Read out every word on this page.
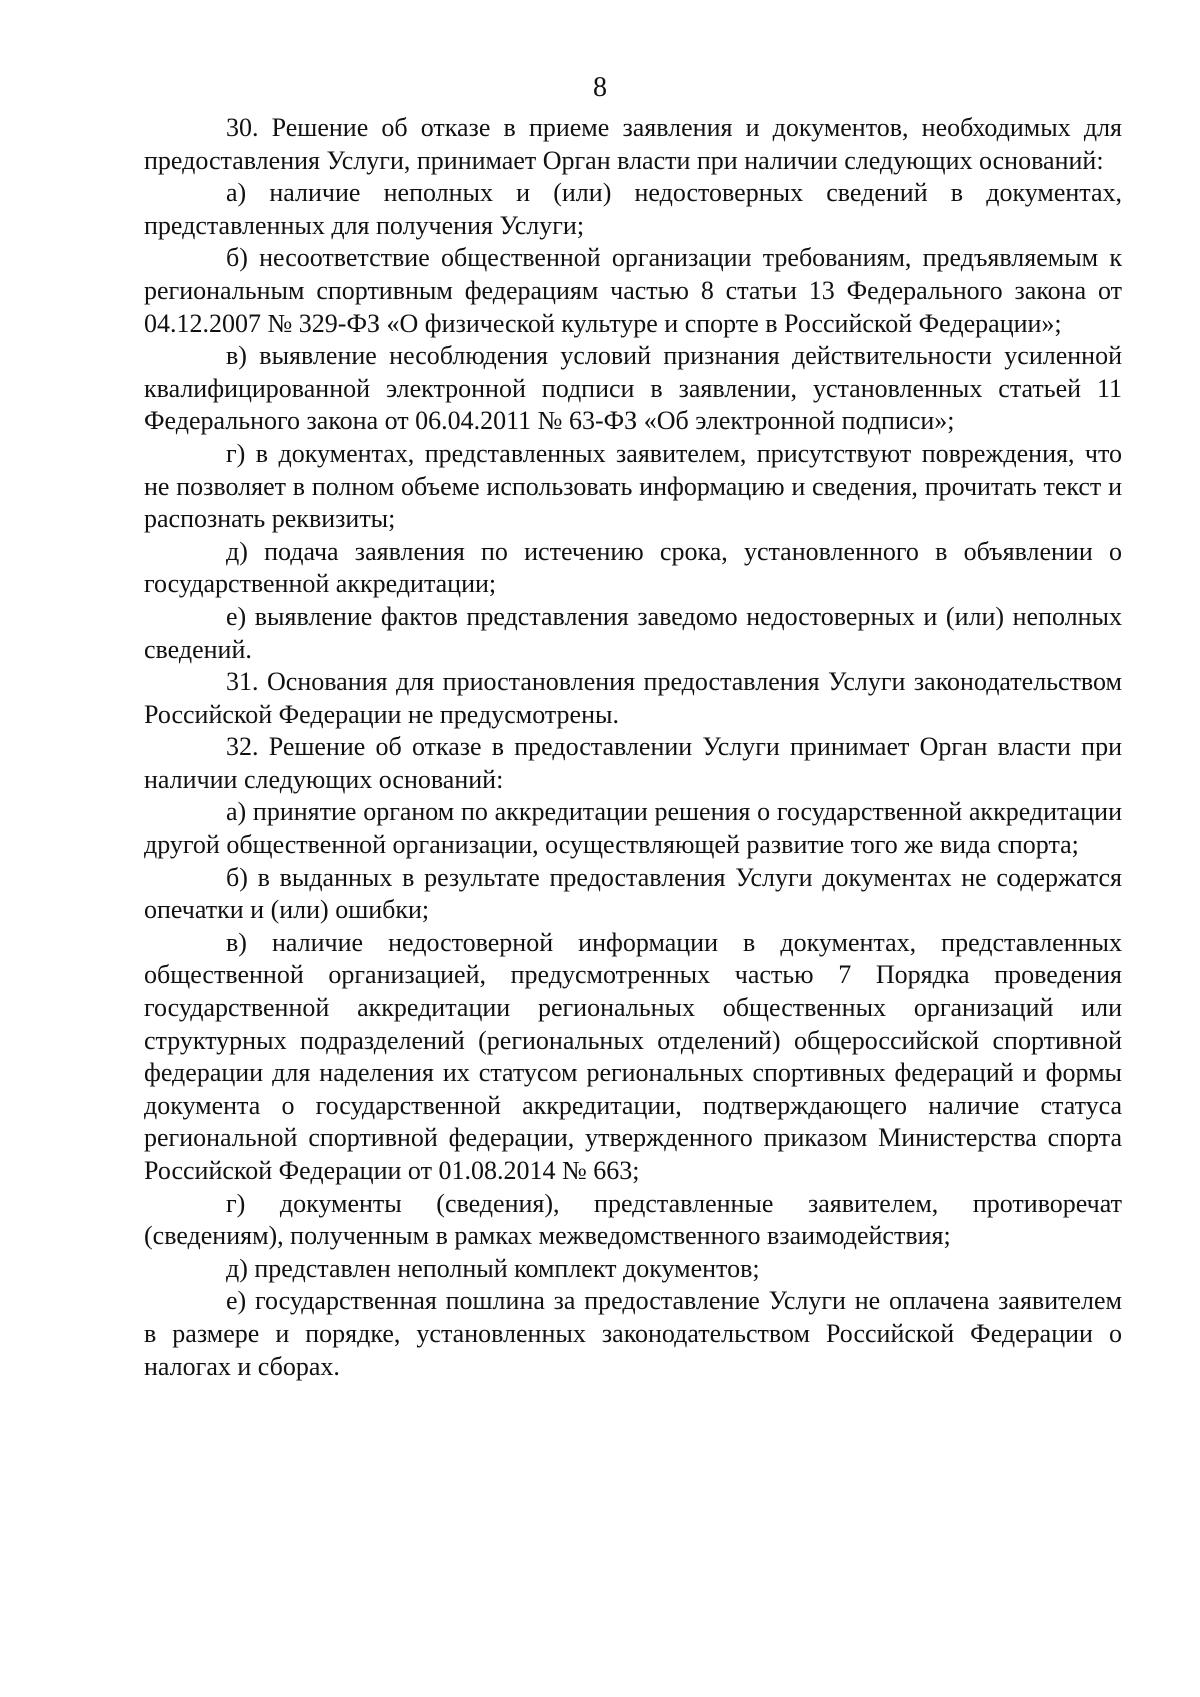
8

30. Решение об отказе в приеме заявления и документов, необходимых для предоставления Услуги, принимает Орган власти при наличии следующих оснований:

а) наличие неполных и (или) недостоверных сведений в документах, представленных для получения Услуги;

б) несоответствие общественной организации требованиям, предъявляемым к региональным спортивным федерациям частью 8 статьи 13 Федерального закона от 04.12.2007 № 329-ФЗ «О физической культуре и спорте в Российской Федерации»;

в) выявление несоблюдения условий признания действительности усиленной квалифицированной электронной подписи в заявлении, установленных статьей 11 Федерального закона от 06.04.2011 № 63-ФЗ «Об электронной подписи»;

г) в документах, представленных заявителем, присутствуют повреждения, что не позволяет в полном объеме использовать информацию и сведения, прочитать текст и распознать реквизиты;

д) подача заявления по истечению срока, установленного в объявлении о государственной аккредитации;

е) выявление фактов представления заведомо недостоверных и (или) неполных сведений.

31. Основания для приостановления предоставления Услуги законодательством Российской Федерации не предусмотрены.

32. Решение об отказе в предоставлении Услуги принимает Орган власти при наличии следующих оснований:

а) принятие органом по аккредитации решения о государственной аккредитации другой общественной организации, осуществляющей развитие того же вида спорта;

б) в выданных в результате предоставления Услуги документах не содержатся опечатки и (или) ошибки;

в) наличие недостоверной информации в документах, представленных общественной организацией, предусмотренных частью 7 Порядка проведения государственной аккредитации региональных общественных организаций или структурных подразделений (региональных отделений) общероссийской спортивной федерации для наделения их статусом региональных спортивных федераций и формы документа о государственной аккредитации, подтверждающего наличие статуса региональной спортивной федерации, утвержденного приказом Министерства спорта Российской Федерации от 01.08.2014 № 663;

г) документы (сведения), представленные заявителем, противоречат (сведениям), полученным в рамках межведомственного взаимодействия;

д) представлен неполный комплект документов;

е) государственная пошлина за предоставление Услуги не оплачена заявителем в размере и порядке, установленных законодательством Российской Федерации о налогах и сборах.
